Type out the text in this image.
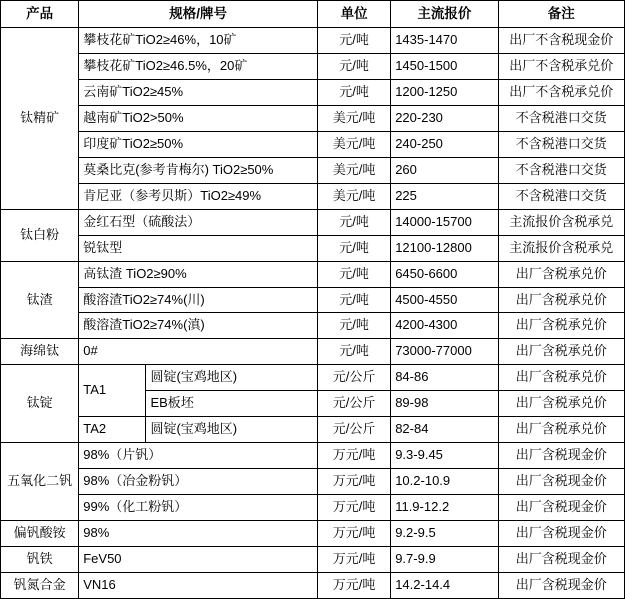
产品	规格/牌号		单位	主流报价	备注
钛精矿	攀枝花矿TiO2≥46%，10矿		元/吨	1435-1470	出厂不含税现金价
	攀枝花矿TiO2≥46.5%，20矿		元/吨	1450-1500	出厂不含税承兑价
	云南矿TiO2≥45%		元/吨	1200-1250	出厂不含税承兑价
	越南矿TiO2>50%		美元/吨	220-230	不含税港口交货
	印度矿TiO2≥50%		美元/吨	240-250	不含税港口交货
	莫桑比克(参考肯梅尔) TiO2≥50%		美元/吨	260	不含税港口交货
	肯尼亚（参考贝斯）TiO2≥49%		美元/吨	225	不含税港口交货
钛白粉	金红石型（硫酸法）		元/吨	14000-15700	主流报价含税承兑
	锐钛型		元/吨	12100-12800	主流报价含税承兑
钛渣	高钛渣 TiO2≥90%		元/吨	6450-6600	出厂含税承兑价
	酸溶渣TiO2≥74%(川)		元/吨	4500-4550	出厂含税承兑价
	酸溶渣TiO2≥74%(滇)		元/吨	4200-4300	出厂含税承兑价
海绵钛	0#		元/吨	73000-77000	出厂含税承兑价
钛锭	TA1	圆锭(宝鸡地区)	元/公斤	84-86	出厂含税承兑价
		EB板坯	元/公斤	89-98	出厂含税承兑价
	TA2	圆锭(宝鸡地区)	元/公斤	82-84	出厂含税承兑价
五氧化二钒	98%（片钒）		万元/吨	9.3-9.45	出厂含税现金价
	98%（冶金粉钒）		万元/吨	10.2-10.9	出厂含税现金价
	99%（化工粉钒）		万元/吨	11.9-12.2	出厂含税现金价
偏钒酸铵	98%		万元/吨	9.2-9.5	出厂含税现金价
钒铁	FeV50		万元/吨	9.7-9.9	出厂含税现金价
钒氮合金	VN16		万元/吨	14.2-14.4	出厂含税现金价
